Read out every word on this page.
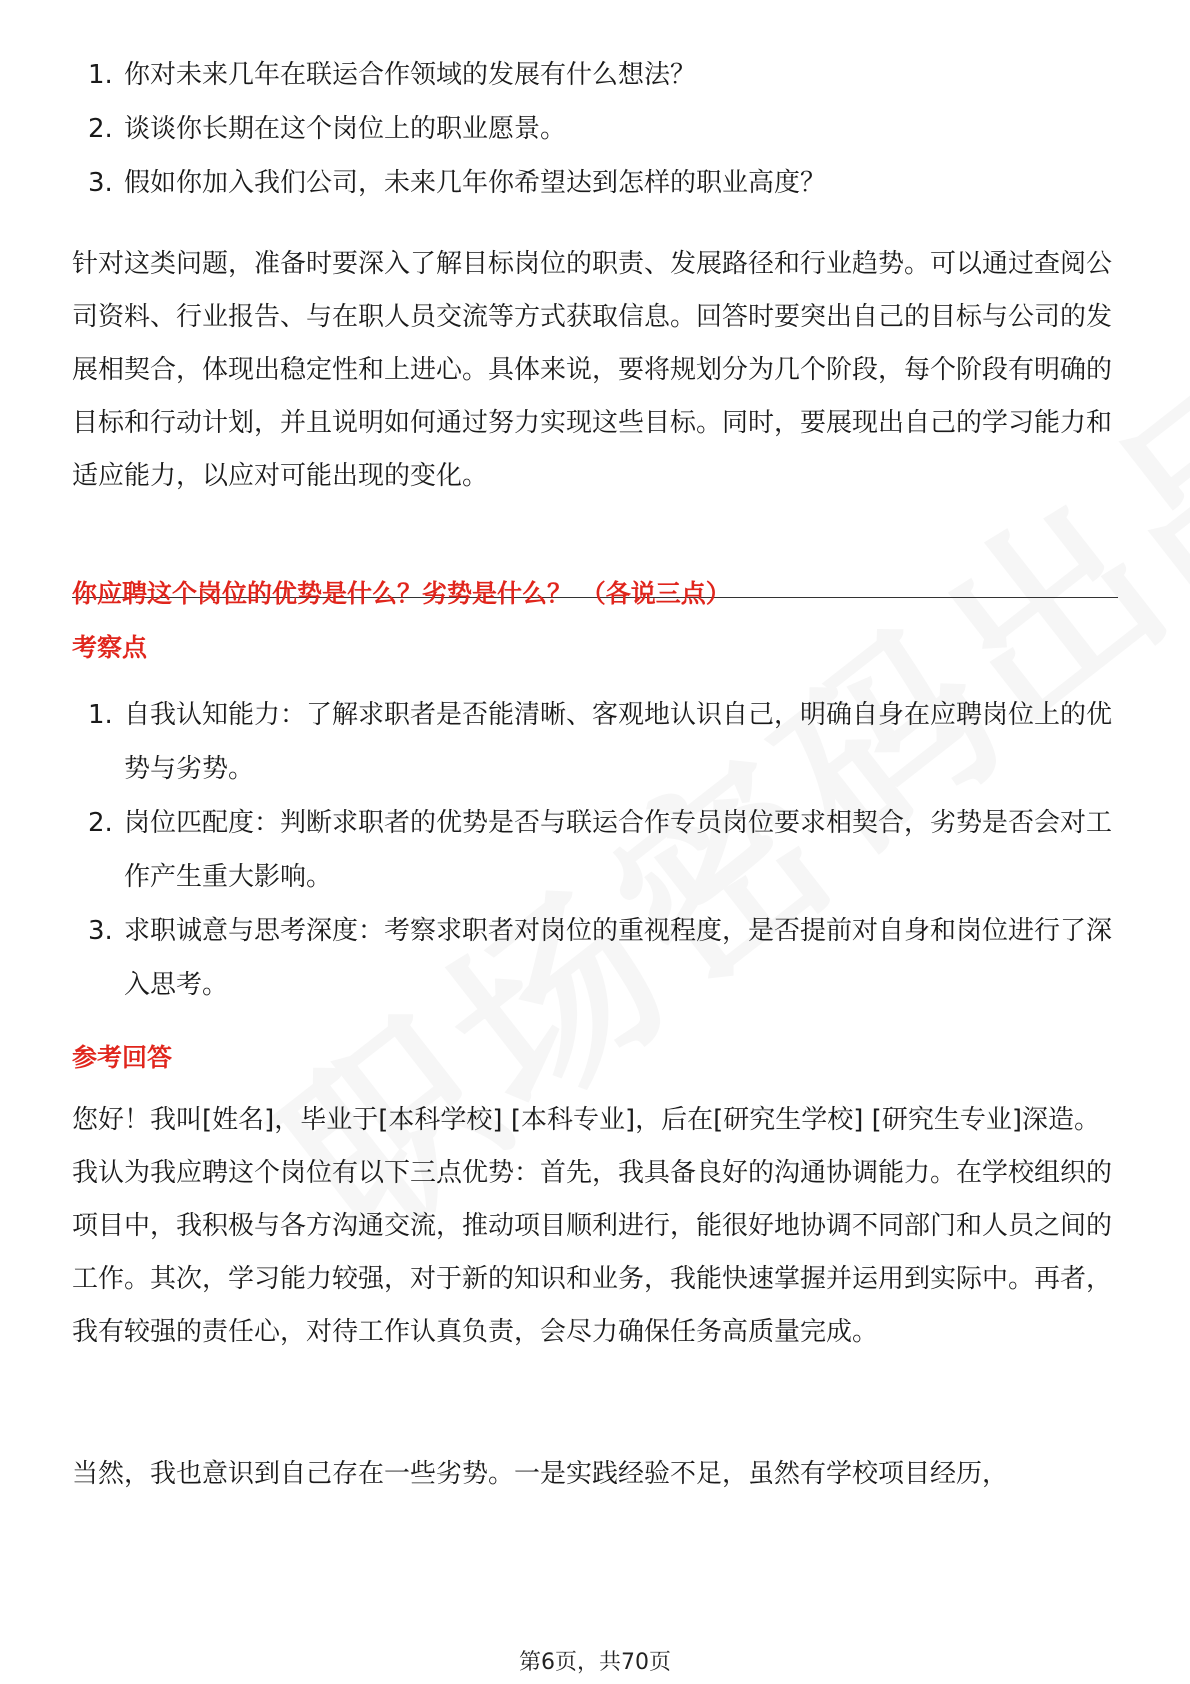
1. 你对未来几年在联运合作领域的发展有什么想法？
2. 谈谈你长期在这个岗位上的职业愿景。
3. 假如你加入我们公司，未来几年你希望达到怎样的职业高度？

针对这类问题，准备时要深入了解目标岗位的职责、发展路径和行业趋势。可以通过查阅公司资料、行业报告、与在职人员交流等方式获取信息。回答时要突出自己的目标与公司的发展相契合，体现出稳定性和上进心。具体来说，要将规划分为几个阶段，每个阶段有明确的目标和行动计划，并且说明如何通过努力实现这些目标。同时，要展现出自己的学习能力和适应能力，以应对可能出现的变化。

你应聘这个岗位的优势是什么？劣势是什么？ （各说三点）
考察点
1. 自我认知能力：了解求职者是否能清晰、客观地认识自己，明确自身在应聘岗位上的优势与劣势。
2. 岗位匹配度：判断求职者的优势是否与联运合作专员岗位要求相契合，劣势是否会对工作产生重大影响。
3. 求职诚意与思考深度：考察求职者对岗位的重视程度，是否提前对自身和岗位进行了深入思考。
参考回答

您好！我叫[姓名]，毕业于[本科学校] [本科专业]，后在[研究生学校] [研究生专业]深造。我认为我应聘这个岗位有以下三点优势：首先，我具备良好的沟通协调能力。在学校组织的项目中，我积极与各方沟通交流，推动项目顺利进行，能很好地协调不同部门和人员之间的工作。其次，学习能力较强，对于新的知识和业务，我能快速掌握并运用到实际中。再者，我有较强的责任心，对待工作认真负责，会尽力确保任务高质量完成。

当然，我也意识到自己存在一些劣势。一是实践经验不足，虽然有学校项目经历，

第6页，共70页
